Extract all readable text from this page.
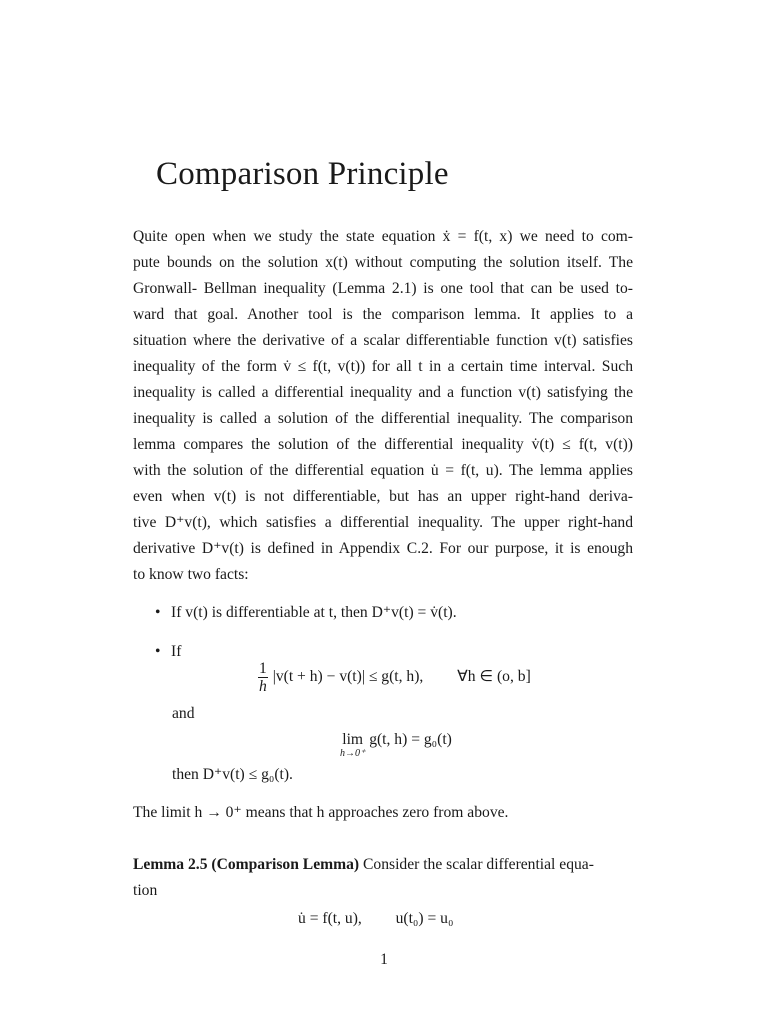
Comparison Principle
Quite open when we study the state equation ẋ = f(t, x) we need to com-
pute bounds on the solution x(t) without computing the solution itself. The
Gronwall- Bellman inequality (Lemma 2.1) is one tool that can be used to-
ward that goal. Another tool is the comparison lemma. It applies to a
situation where the derivative of a scalar differentiable function v(t) satisfies
inequality of the form v̇ ≤ f(t, v(t)) for all t in a certain time interval. Such
inequality is called a differential inequality and a function v(t) satisfying the
inequality is called a solution of the differential inequality. The comparison
lemma compares the solution of the differential inequality v̇(t) ≤ f(t, v(t))
with the solution of the differential equation u̇ = f(t, u). The lemma applies
even when v(t) is not differentiable, but has an upper right-hand deriva-
tive D⁺v(t), which satisfies a differential inequality. The upper right-hand
derivative D⁺v(t) is defined in Appendix C.2. For our purpose, it is enough
to know two facts:
• If v(t) is differentiable at t, then D⁺v(t) = v̇(t).
• If
$\frac{1}{h} |v(t + h) - v(t)| \le g(t$, h), ∀h ∈ (o, b]
and
lim
h→0⁺
g(t, h) = g₀(t)
then D⁺v(t) ≤ g₀(t).
The limit h → 0⁺ means that h approaches zero from above.
Lemma 2.5 (Comparison Lemma) Consider the scalar differential equa-
tion
u̇ = f(t, u), u(t₀) = u₀
1
